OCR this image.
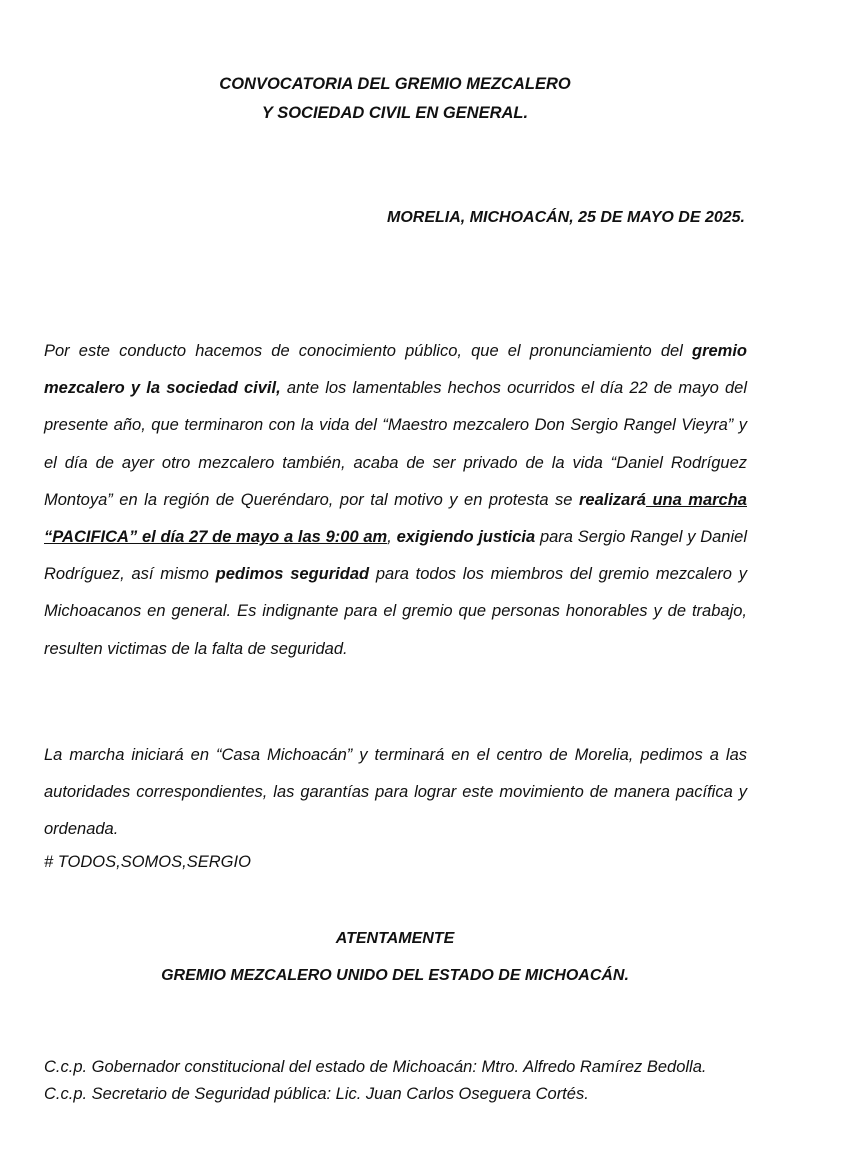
CONVOCATORIA DEL GREMIO MEZCALERO
Y SOCIEDAD CIVIL EN GENERAL.
MORELIA, MICHOACÁN, 25 DE MAYO DE 2025.
Por este conducto hacemos de conocimiento público, que el pronunciamiento del gremio mezcalero y la sociedad civil, ante los lamentables hechos ocurridos el día 22 de mayo del presente año, que terminaron con la vida del “Maestro mezcalero Don Sergio Rangel Vieyra” y el día de ayer otro mezcalero también, acaba de ser privado de la vida “Daniel Rodríguez Montoya” en la región de Queréndaro, por tal motivo y en protesta se realizará una marcha “PACIFICA” el día 27 de mayo a las 9:00 am, exigiendo justicia para Sergio Rangel y Daniel Rodríguez, así mismo pedimos seguridad para todos los miembros del gremio mezcalero y Michoacanos en general. Es indignante para el gremio que personas honorables y de trabajo, resulten victimas de la falta de seguridad.
La marcha iniciará en “Casa Michoacán” y terminará en el centro de Morelia, pedimos a las autoridades correspondientes, las garantías para lograr este movimiento de manera pacífica y ordenada.
# TODOS,SOMOS,SERGIO
ATENTAMENTE
GREMIO MEZCALERO UNIDO DEL ESTADO DE MICHOACÁN.
C.c.p. Gobernador constitucional del estado de Michoacán: Mtro. Alfredo Ramírez Bedolla.
C.c.p. Secretario de Seguridad pública: Lic. Juan Carlos Oseguera Cortés.
